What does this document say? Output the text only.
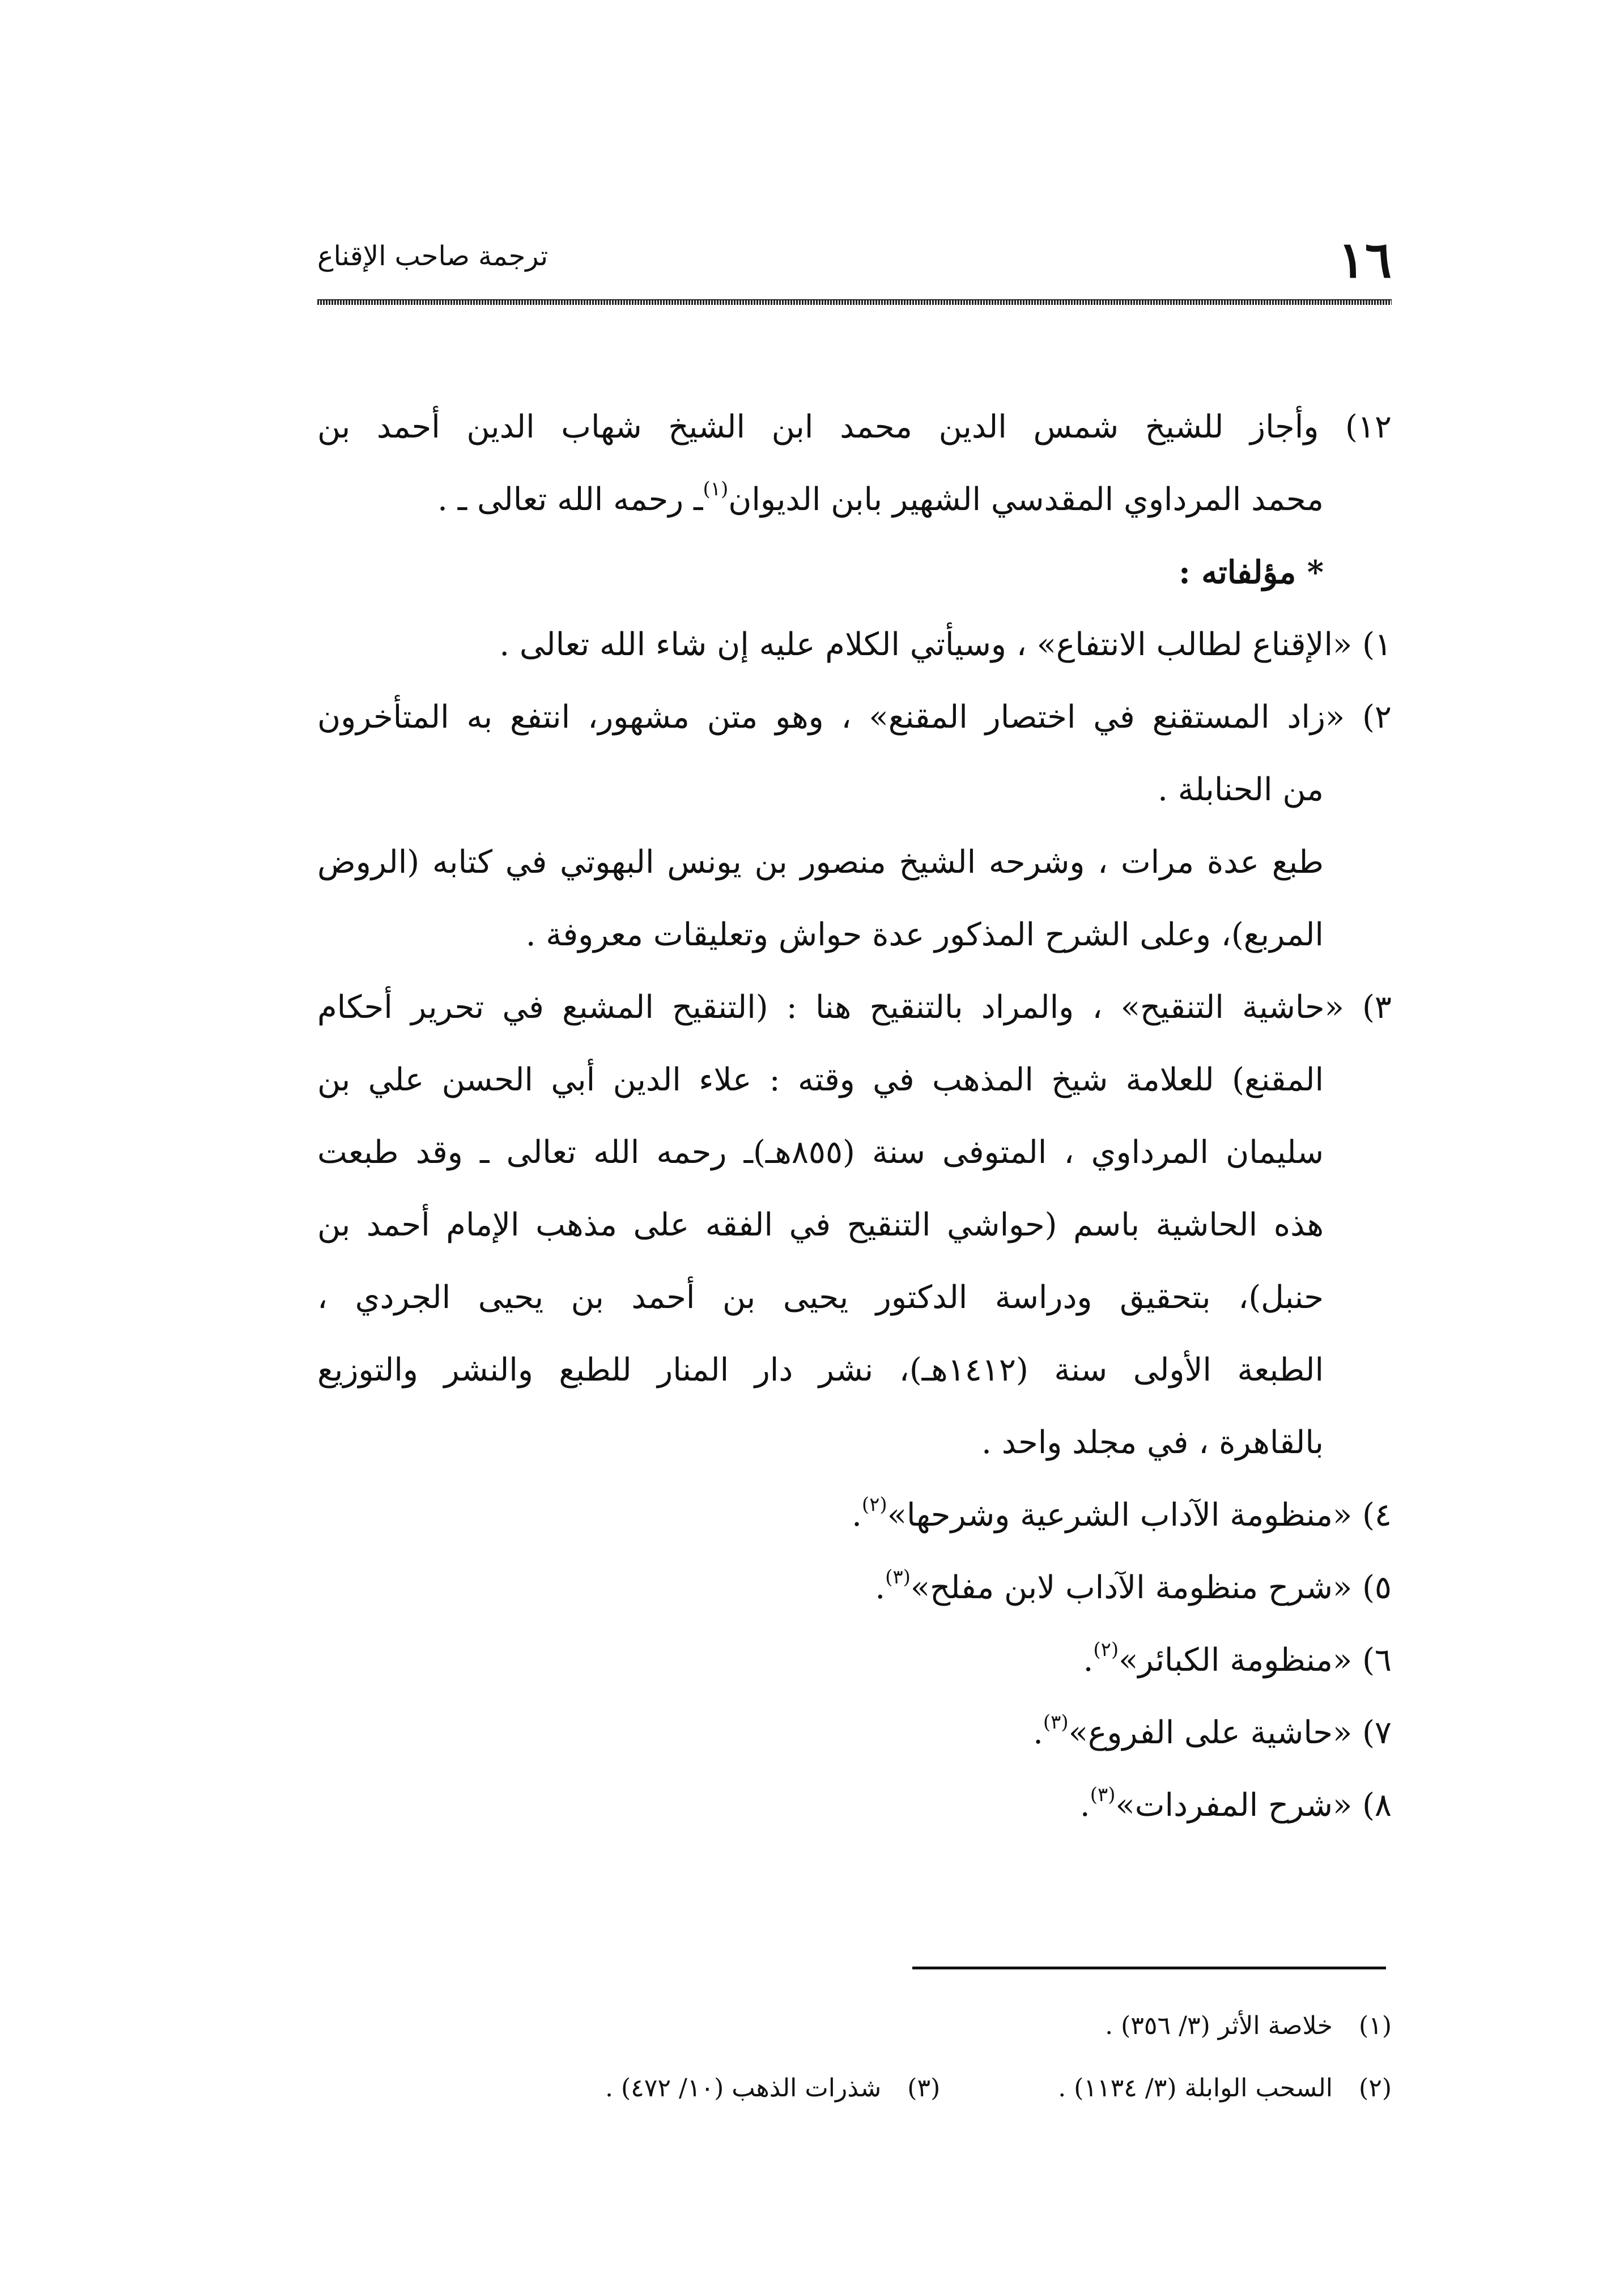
١٦
ترجمة صاحب الإقناع
١٢) وأجاز للشيخ شمس الدين محمد ابن الشيخ شهاب الدين أحمد بن
محمد المرداوي المقدسي الشهير بابن الديوان$^{(١)}$ـ رحمه الله تعالى ـ .
* مؤلفاته :
١) «الإقناع لطالب الانتفاع» ، وسيأتي الكلام عليه إن شاء الله تعالى .
٢) «زاد المستقنع في اختصار المقنع» ، وهو متن مشهور، انتفع به المتأخرون
من الحنابلة .
طبع عدة مرات ، وشرحه الشيخ منصور بن يونس البهوتي في كتابه (الروض
المربع)، وعلى الشرح المذكور عدة حواش وتعليقات معروفة .
٣) «حاشية التنقيح» ، والمراد بالتنقيح هنا : (التنقيح المشبع في تحرير أحكام
المقنع) للعلامة شيخ المذهب في وقته : علاء الدين أبي الحسن علي بن
سليمان المرداوي ، المتوفى سنة (٨٥٥هـ)ـ رحمه الله تعالى ـ وقد طبعت
هذه الحاشية باسم (حواشي التنقيح في الفقه على مذهب الإمام أحمد بن
حنبل)، بتحقيق ودراسة الدكتور يحيى بن أحمد بن يحيى الجردي ،
الطبعة الأولى سنة (١٤١٢هـ)، نشر دار المنار للطبع والنشر والتوزيع
بالقاهرة ، في مجلد واحد .
٤) «منظومة الآداب الشرعية وشرحها»$^{(٢)}$.
٥) «شرح منظومة الآداب لابن مفلح»$^{(٣)}$.
٦) «منظومة الكبائر»$^{(٢)}$.
٧) «حاشية على الفروع»$^{(٣)}$.
٨) «شرح المفردات»$^{(٣)}$.
(١) خلاصة الأثر (٣/ ٣٥٦) .
(٢) السحب الوابلة (٣/ ١١٣٤) .  (٣) شذرات الذهب (١٠/ ٤٧٢) .
